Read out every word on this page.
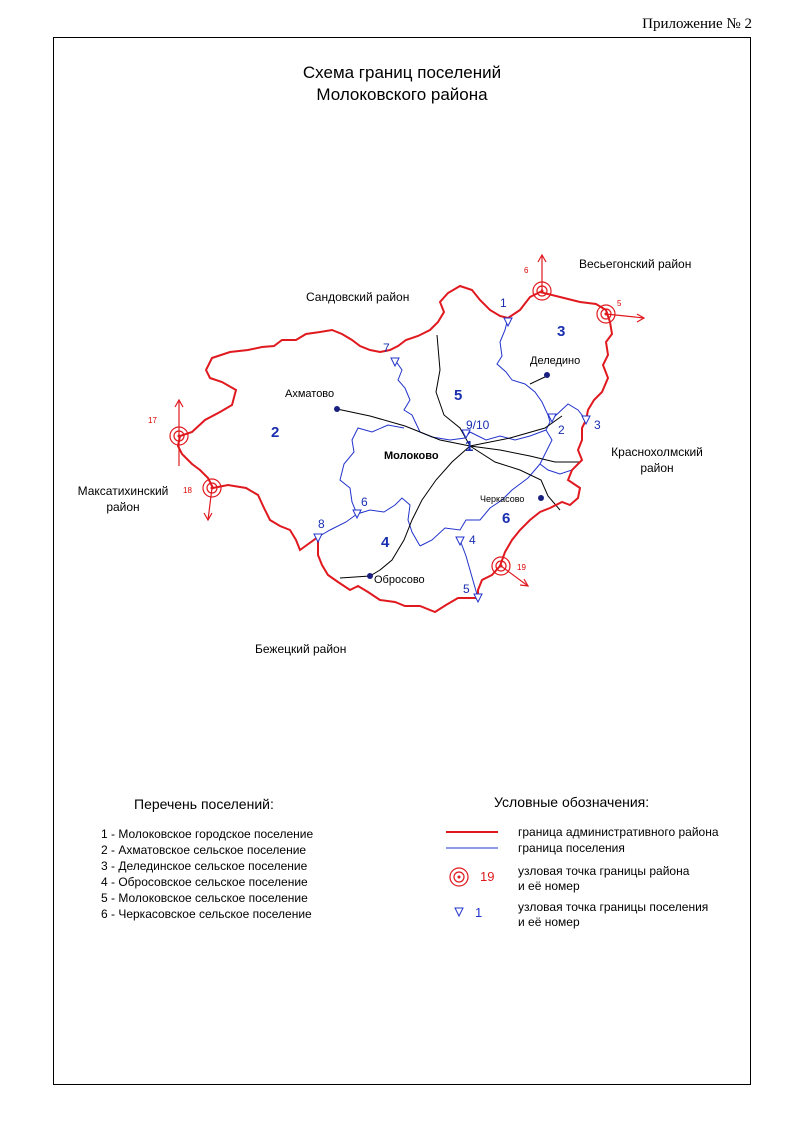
Приложение № 2
Схема границ поселений
Молоковского района
Весьегонский район
Сандовский район
Краснохолмский
район
Максатихинский
район
Бежецкий район
Ахматово
Молоково
Деледино
Черкасово
Обросово
1
2
3
4
5
6
1
2 3
4
5
6
7
8
9/10
5
6
17
18
19
Перечень поселений:
1 - Молоковское городское поселение
2 - Ахматовское сельское поселение
3 - Делединское сельское поселение
4 - Обросовское сельское поселение
5 - Молоковское сельское поселение
6 - Черкасовское сельское поселение
Условные обозначения:
граница административного района
граница поселения
19 узловая точка границы района
и её номер
1	узловая точка границы поселения
и её номер
